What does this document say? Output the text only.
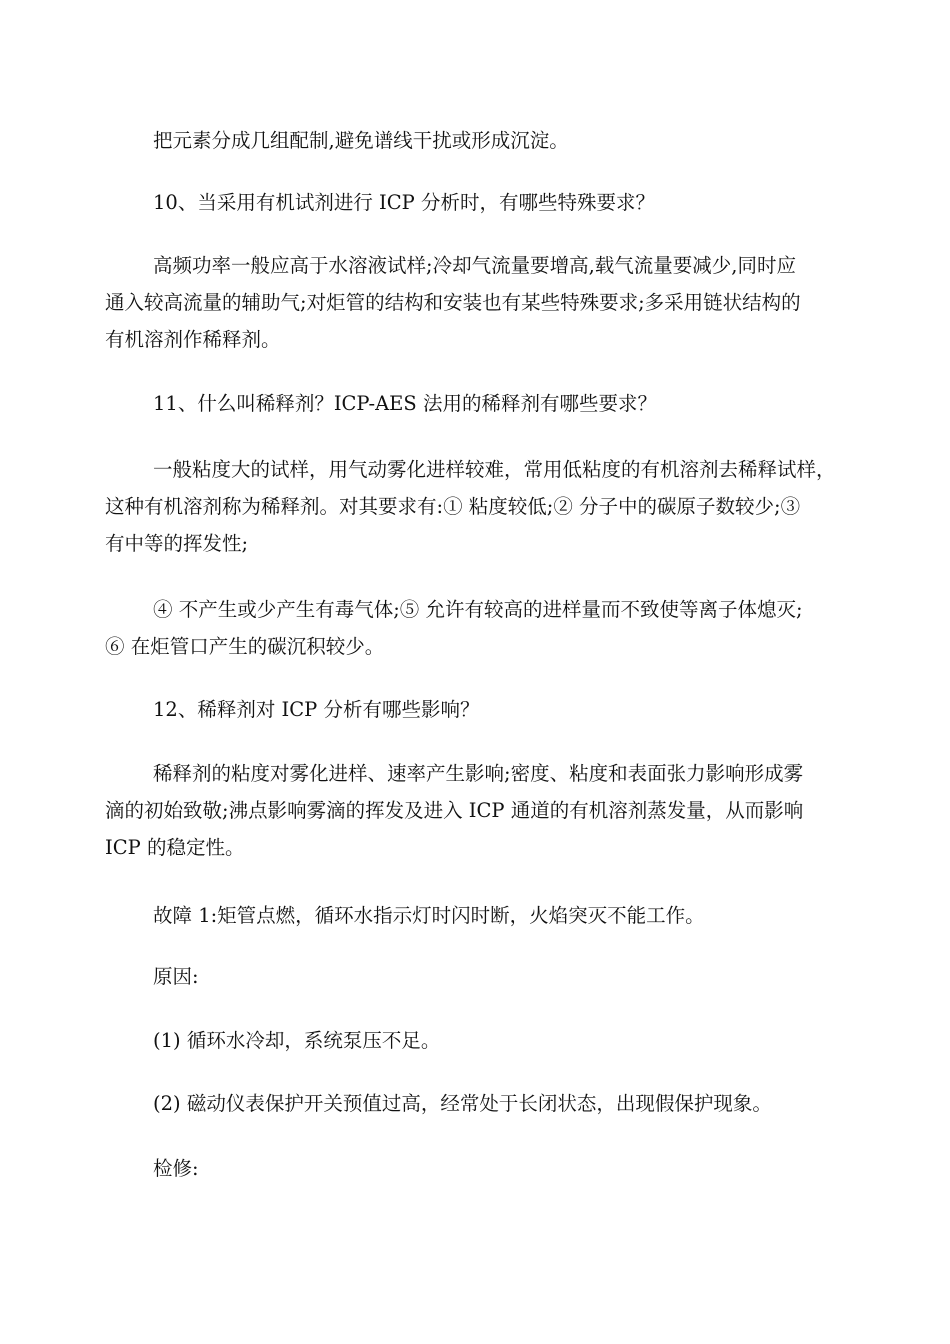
把元素分成几组配制,避免谱线干扰或形成沉淀。

10、当采用有机试剂进行 ICP 分析时，有哪些特殊要求？

高频功率一般应高于水溶液试样;冷却气流量要增高,载气流量要减少,同时应
通入较高流量的辅助气;对炬管的结构和安装也有某些特殊要求;多采用链状结构的
有机溶剂作稀释剂。

11、什么叫稀释剂？ICP-AES 法用的稀释剂有哪些要求？

一般粘度大的试样，用气动雾化进样较难，常用低粘度的有机溶剂去稀释试样，
这种有机溶剂称为稀释剂。对其要求有:① 粘度较低;② 分子中的碳原子数较少;③
有中等的挥发性;

④ 不产生或少产生有毒气体;⑤ 允许有较高的进样量而不致使等离子体熄灭;
⑥ 在炬管口产生的碳沉积较少。

12、稀释剂对 ICP 分析有哪些影响？

稀释剂的粘度对雾化进样、速率产生影响;密度、粘度和表面张力影响形成雾
滴的初始致敬;沸点影响雾滴的挥发及进入 ICP 通道的有机溶剂蒸发量，从而影响
ICP 的稳定性。

故障 1:矩管点燃，循环水指示灯时闪时断，火焰突灭不能工作。

原因:

(1) 循环水冷却，系统泵压不足。

(2) 磁动仪表保护开关预值过高，经常处于长闭状态，出现假保护现象。

检修:
